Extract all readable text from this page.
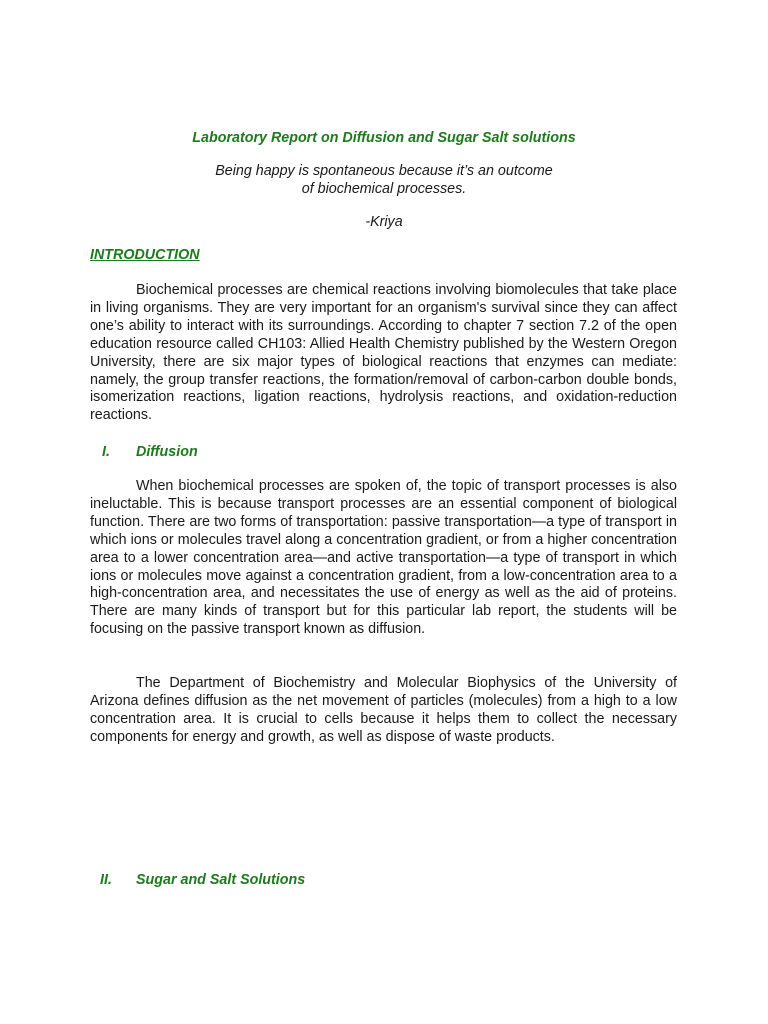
Laboratory Report on Diffusion and Sugar Salt solutions
Being happy is spontaneous because it’s an outcome
of biochemical processes.
-Kriya
INTRODUCTION

Biochemical processes are chemical reactions involving biomolecules that take place in living organisms. They are very important for an organism's survival since they can affect one’s ability to interact with its surroundings. According to chapter 7 section 7.2 of the open education resource called CH103: Allied Health Chemistry published by the Western Oregon University, there are six major types of biological reactions that enzymes can mediate: namely, the group transfer reactions, the formation/removal of carbon-carbon double bonds, isomerization reactions, ligation reactions, hydrolysis reactions, and oxidation-reduction reactions.

I. Diffusion

When biochemical processes are spoken of, the topic of transport processes is also ineluctable. This is because transport processes are an essential component of biological function. There are two forms of transportation: passive transportation—a type of transport in which ions or molecules travel along a concentration gradient, or from a higher concentration area to a lower concentration area—and active transportation—a type of transport in which ions or molecules move against a concentration gradient, from a low-concentration area to a high-concentration area, and necessitates the use of energy as well as the aid of proteins. There are many kinds of transport but for this particular lab report, the students will be focusing on the passive transport known as diffusion.

The Department of Biochemistry and Molecular Biophysics of the University of Arizona defines diffusion as the net movement of particles (molecules) from a high to a low concentration area. It is crucial to cells because it helps them to collect the necessary components for energy and growth, as well as dispose of waste products.

II. Sugar and Salt Solutions
